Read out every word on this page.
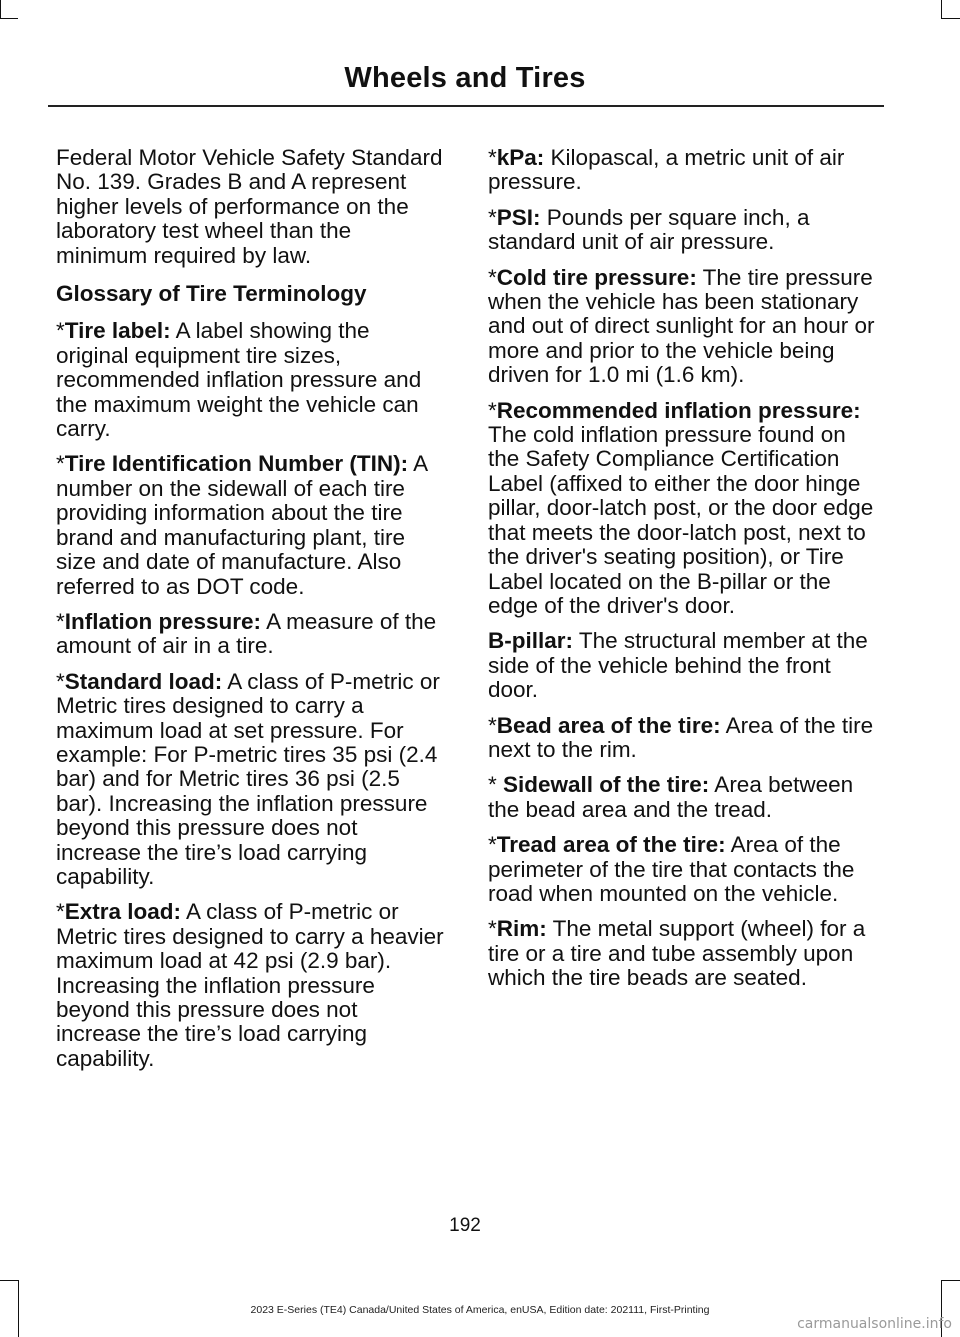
Wheels and Tires

Federal Motor Vehicle Safety Standard No. 139. Grades B and A represent higher levels of performance on the laboratory test wheel than the minimum required by law.

Glossary of Tire Terminology

*Tire label: A label showing the original equipment tire sizes, recommended inflation pressure and the maximum weight the vehicle can carry.

*Tire Identification Number (TIN): A number on the sidewall of each tire providing information about the tire brand and manufacturing plant, tire size and date of manufacture. Also referred to as DOT code.

*Inflation pressure: A measure of the amount of air in a tire.

*Standard load: A class of P-metric or Metric tires designed to carry a maximum load at set pressure. For example: For P-metric tires 35 psi (2.4 bar) and for Metric tires 36 psi (2.5 bar). Increasing the inflation pressure beyond this pressure does not increase the tire’s load carrying capability.

*Extra load: A class of P-metric or Metric tires designed to carry a heavier maximum load at 42 psi (2.9 bar). Increasing the inflation pressure beyond this pressure does not increase the tire’s load carrying capability.

*kPa: Kilopascal, a metric unit of air pressure.

*PSI: Pounds per square inch, a standard unit of air pressure.

*Cold tire pressure: The tire pressure when the vehicle has been stationary and out of direct sunlight for an hour or more and prior to the vehicle being driven for 1.0 mi (1.6 km).

*Recommended inflation pressure: The cold inflation pressure found on the Safety Compliance Certification Label (affixed to either the door hinge pillar, door-latch post, or the door edge that meets the door-latch post, next to the driver's seating position), or Tire Label located on the B-pillar or the edge of the driver's door.

B-pillar: The structural member at the side of the vehicle behind the front door.

*Bead area of the tire: Area of the tire next to the rim.

* Sidewall of the tire: Area between the bead area and the tread.

*Tread area of the tire: Area of the perimeter of the tire that contacts the road when mounted on the vehicle.

*Rim: The metal support (wheel) for a tire or a tire and tube assembly upon which the tire beads are seated.

192
2023 E-Series (TE4) Canada/United States of America, enUSA, Edition date: 202111, First-Printing
carmanualsonline.info
